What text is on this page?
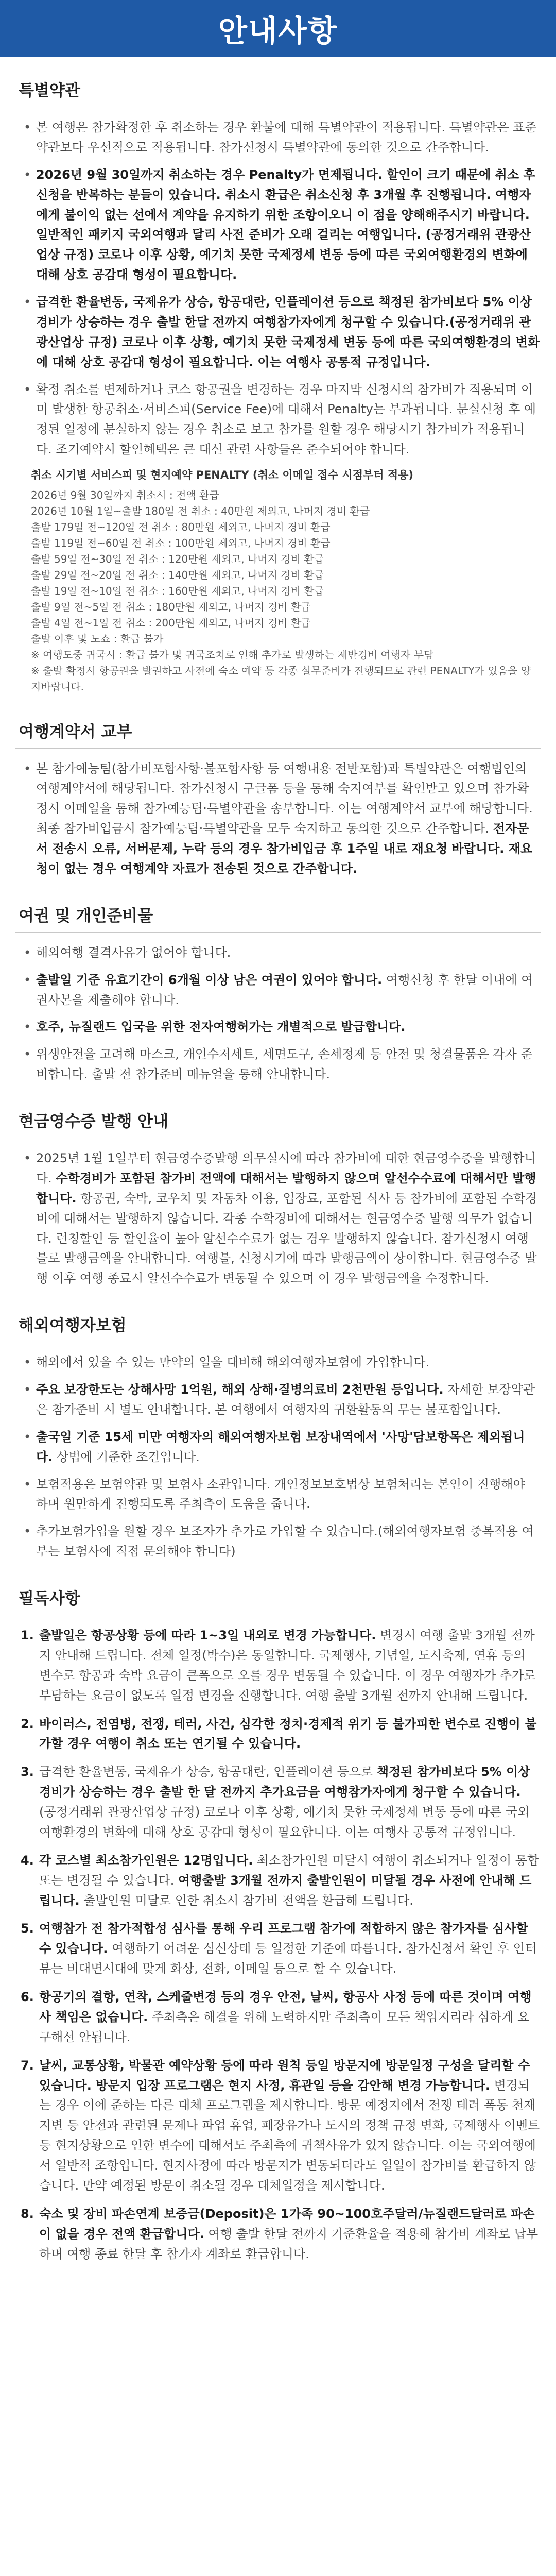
안내사항
특별약관
• 본 여행은 참가확정한 후 취소하는 경우 환불에 대해 특별약관이 적용됩니다. 특별약관은 표준약관보다 우선적으로 적용됩니다. 참가신청시 특별약관에 동의한 것으로 간주합니다.
• 2026년 9월 30일까지 취소하는 경우 Penalty가 면제됩니다. 할인이 크기 때문에 취소 후 신청을 반복하는 분들이 있습니다. 취소시 환급은 취소신청 후 3개월 후 진행됩니다. 여행자에게 불이익 없는 선에서 계약을 유지하기 위한 조항이오니 이 점을 양해해주시기 바랍니다. 일반적인 패키지 국외여행과 달리 사전 준비가 오래 걸리는 여행입니다. (공정거래위 관광산업상 규정) 코로나 이후 상황, 예기치 못한 국제정세 변동 등에 따른 국외여행환경의 변화에 대해 상호 공감대 형성이 필요합니다.
• 급격한 환율변동, 국제유가 상승, 항공대란, 인플레이션 등으로 책정된 참가비보다 5% 이상 경비가 상승하는 경우 출발 한달 전까지 여행참가자에게 청구할 수 있습니다.(공정거래위 관광산업상 규정) 코로나 이후 상황, 예기치 못한 국제정세 변동 등에 따른 국외여행환경의 변화에 대해 상호 공감대 형성이 필요합니다. 이는 여행사 공통적 규정입니다.
• 확정 취소를 변제하거나 코스 항공권을 변경하는 경우 마지막 신청시의 참가비가 적용되며 이미 발생한 항공취소·서비스피(Service Fee)에 대해서 Penalty는 부과됩니다. 분실신청 후 예정된 일정에 분실하지 않는 경우 취소로 보고 참가를 원할 경우 해당시기 참가비가 적용됩니다. 조기예약시 할인혜택은 큰 대신 관련 사항들은 준수되어야 합니다.
취소 시기별 서비스피 및 현지예약 PENALTY (취소 이메일 접수 시점부터 적용)
2026년 9월 30일까지 취소시 : 전액 환급
2026년 10월 1일~출발 180일 전 취소 : 40만원 제외고, 나머지 경비 환급
출발 179일 전~120일 전 취소 : 80만원 제외고, 나머지 경비 환급
출발 119일 전~60일 전 취소 : 100만원 제외고, 나머지 경비 환급
출발 59일 전~30일 전 취소 : 120만원 제외고, 나머지 경비 환급
출발 29일 전~20일 전 취소 : 140만원 제외고, 나머지 경비 환급
출발 19일 전~10일 전 취소 : 160만원 제외고, 나머지 경비 환급
출발 9일 전~5일 전 취소 : 180만원 제외고, 나머지 경비 환급
출발 4일 전~1일 전 취소 : 200만원 제외고, 나머지 경비 환급
출발 이후 및 노쇼 : 환급 불가
※ 여행도중 귀국시 : 환급 불가 및 귀국조치로 인해 추가로 발생하는 제반경비 여행자 부담
※ 출발 확정시 항공권을 발권하고 사전에 숙소 예약 등 각종 실무준비가 진행되므로 관련 PENALTY가 있음을 양지바랍니다.
여행계약서 교부
• 본 참가예능팀(참가비포함사항·불포함사항 등 여행내용 전반포함)과 특별약관은 여행법인의 여행계약서에 해당됩니다. 참가신청시 구글폼 등을 통해 숙지여부를 확인받고 있으며 참가확정시 이메일을 통해 참가예능팀·특별약관을 송부합니다. 이는 여행계약서 교부에 해당합니다. 최종 참가비입금시 참가예능팀·특별약관을 모두 숙지하고 동의한 것으로 간주합니다. 전자문서 전송시 오류, 서버문제, 누락 등의 경우 참가비입금 후 1주일 내로 재요청 바랍니다. 재요청이 없는 경우 여행계약 자료가 전송된 것으로 간주합니다.
여권 및 개인준비물
• 해외여행 결격사유가 없어야 합니다.
• 출발일 기준 유효기간이 6개월 이상 남은 여권이 있어야 합니다. 여행신청 후 한달 이내에 여권사본을 제출해야 합니다.
• 호주, 뉴질랜드 입국을 위한 전자여행허가는 개별적으로 발급합니다.
• 위생안전을 고려해 마스크, 개인수저세트, 세면도구, 손세정제 등 안전 및 청결물품은 각자 준비합니다. 출발 전 참가준비 매뉴얼을 통해 안내합니다.
현금영수증 발행 안내
• 2025년 1월 1일부터 현금영수증발행 의무실시에 따라 참가비에 대한 현금영수증을 발행합니다. 수학경비가 포함된 참가비 전액에 대해서는 발행하지 않으며 알선수수료에 대해서만 발행합니다. 항공권, 숙박, 코우치 및 자동차 이용, 입장료, 포함된 식사 등 참가비에 포함된 수학경비에 대해서는 발행하지 않습니다. 각종 수학경비에 대해서는 현금영수증 발행 의무가 없습니다. 런칭할인 등 할인율이 높아 알선수수료가 없는 경우 발행하지 않습니다. 참가신청시 여행블로 발행금액을 안내합니다. 여행블, 신청시기에 따라 발행금액이 상이합니다. 현금영수증 발행 이후 여행 종료시 알선수수료가 변동될 수 있으며 이 경우 발행금액을 수정합니다.
해외여행자보험
• 해외에서 있을 수 있는 만약의 일을 대비해 해외여행자보험에 가입합니다.
• 주요 보장한도는 상해사망 1억원, 해외 상해·질병의료비 2천만원 등입니다. 자세한 보장약관은 참가준비 시 별도 안내합니다. 본 여행에서 여행자의 귀환활동의 무는 불포함입니다.
• 출국일 기준 15세 미만 여행자의 해외여행자보험 보장내역에서 '사망'담보항목은 제외됩니다. 상법에 기준한 조건입니다.
• 보험적용은 보험약관 및 보험사 소관입니다. 개인정보보호법상 보험처리는 본인이 진행해야 하며 원만하게 진행되도록 주최측이 도움을 줍니다.
• 추가보험가입을 원할 경우 보조자가 추가로 가입할 수 있습니다.(해외여행자보험 중복적용 여부는 보험사에 직접 문의해야 합니다)
필독사항
1. 출발일은 항공상황 등에 따라 1~3일 내외로 변경 가능합니다. 변경시 여행 출발 3개월 전까지 안내해 드립니다. 전체 일정(박수)은 동일합니다. 국제행사, 기념일, 도시축제, 연휴 등의 변수로 항공과 숙박 요금이 큰폭으로 오를 경우 변동될 수 있습니다. 이 경우 여행자가 추가로 부담하는 요금이 없도록 일정 변경을 진행합니다. 여행 출발 3개월 전까지 안내해 드립니다.
2. 바이러스, 전염병, 전쟁, 테러, 사건, 심각한 정치·경제적 위기 등 불가피한 변수로 진행이 불가할 경우 여행이 취소 또는 연기될 수 있습니다.
3. 급격한 환율변동, 국제유가 상승, 항공대란, 인플레이션 등으로 책정된 참가비보다 5% 이상 경비가 상승하는 경우 출발 한 달 전까지 추가요금을 여행참가자에게 청구할 수 있습니다. (공정거래위 관광산업상 규정) 코로나 이후 상황, 예기치 못한 국제정세 변동 등에 따른 국외여행환경의 변화에 대해 상호 공감대 형성이 필요합니다. 이는 여행사 공통적 규정입니다.
4. 각 코스별 최소참가인원은 12명입니다. 최소참가인원 미달시 여행이 취소되거나 일정이 통합 또는 변경될 수 있습니다. 여행출발 3개월 전까지 출발인원이 미달될 경우 사전에 안내해 드립니다. 출발인원 미달로 인한 취소시 참가비 전액을 환급해 드립니다.
5. 여행참가 전 참가적합성 심사를 통해 우리 프로그램 참가에 적합하지 않은 참가자를 심사할 수 있습니다. 여행하기 어려운 심신상태 등 일정한 기준에 따릅니다. 참가신청서 확인 후 인터뷰는 비대면시대에 맞게 화상, 전화, 이메일 등으로 할 수 있습니다.
6. 항공기의 결항, 연착, 스케줄변경 등의 경우 안전, 날씨, 항공사 사정 등에 따른 것이며 여행사 책임은 없습니다. 주최측은 해결을 위해 노력하지만 주최측이 모든 책임지리라 심하게 요구해선 안됩니다.
7. 날씨, 교통상황, 박물관 예약상황 등에 따라 원칙 등일 방문지에 방문일정 구성을 달리할 수 있습니다. 방문지 입장 프로그램은 현지 사정, 휴관일 등을 감안해 변경 가능합니다. 변경되는 경우 이에 준하는 다른 대체 프로그램을 제시합니다. 방문 예정지에서 전쟁 테러 폭동 천재지변 등 안전과 관련된 문제나 파업 휴업, 폐장유가나 도시의 정책 규정 변화, 국제행사 이벤트 등 현지상황으로 인한 변수에 대해서도 주최측에 귀책사유가 있지 않습니다. 이는 국외여행에서 일반적 조항입니다. 현지사정에 따라 방문지가 변동되더라도 일일이 참가비를 환급하지 않습니다. 만약 예정된 방문이 취소될 경우 대체일정을 제시합니다.
8. 숙소 및 장비 파손연계 보증금(Deposit)은 1가족 90~100호주달러/뉴질랜드달러로 파손이 없을 경우 전액 환급합니다. 여행 출발 한달 전까지 기준환율을 적용해 참가비 계좌로 납부하며 여행 종료 한달 후 참가자 계좌로 환급합니다.
